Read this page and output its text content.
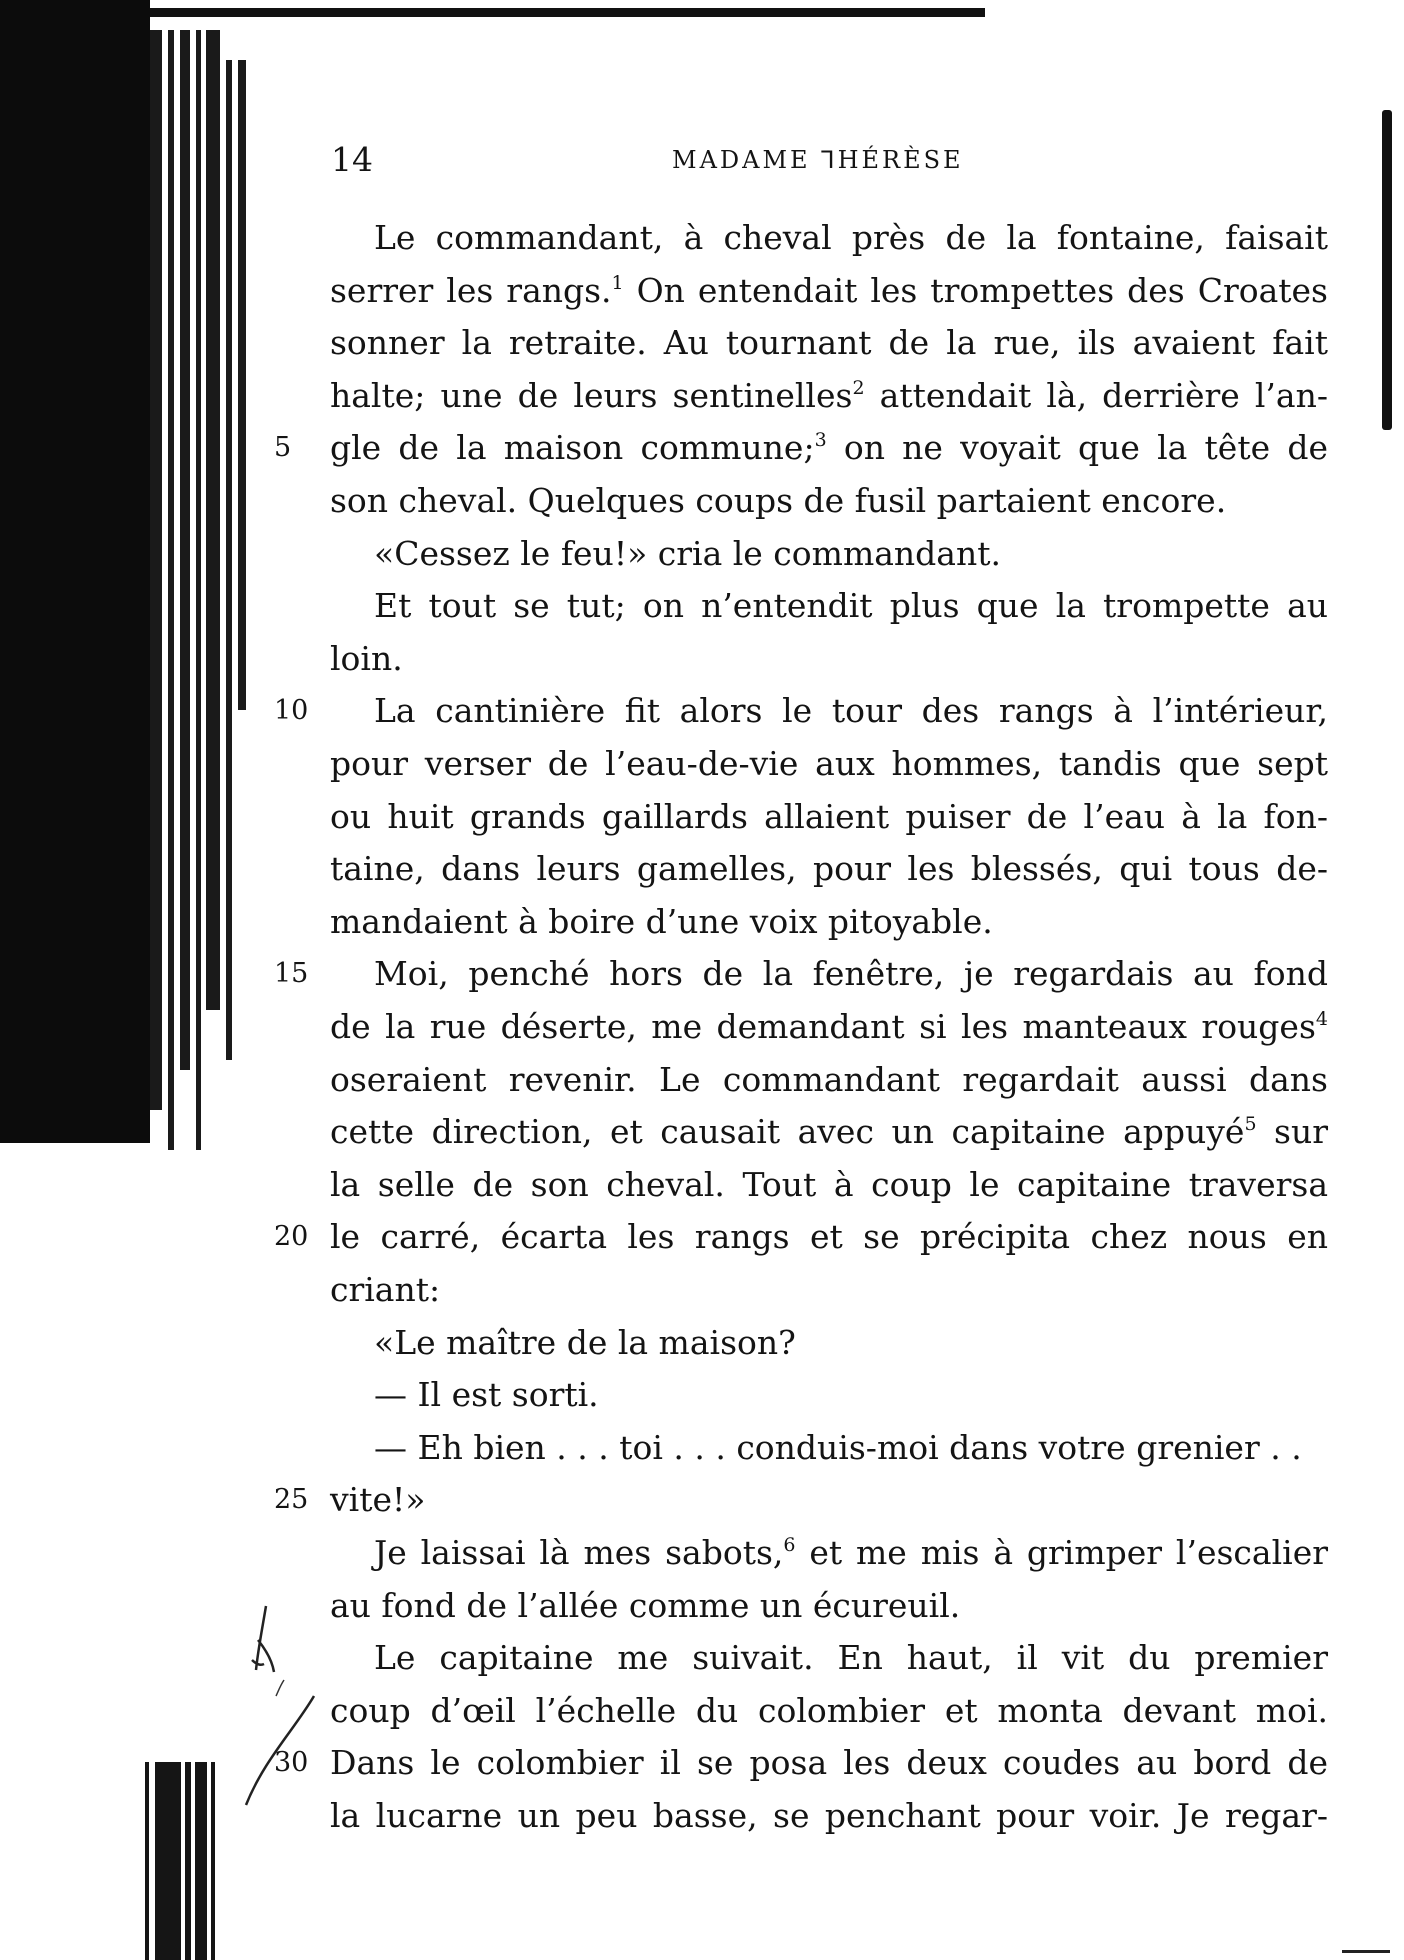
14	MADAME ⅂HÉRÈSE
Le commandant, à cheval près de la fontaine, faisait
serrer les rangs.$^1$ On entendait les trompettes des Croates
sonner la retraite. Au tournant de la rue, ils avaient fait
halte; une de leurs sentinelles$^2$ attendait là, derrière l’an-
5	gle de la maison commune;$^3$ on ne voyait que la tête de
son cheval. Quelques coups de fusil partaient encore.
«Cessez le feu!» cria le commandant.
Et tout se tut; on n’entendit plus que la trompette au
loin.
10 La cantinière fit alors le tour des rangs à l’intérieur,
pour verser de l’eau-de-vie aux hommes, tandis que sept
ou huit grands gaillards allaient puiser de l’eau à la fon-
taine, dans leurs gamelles, pour les blessés, qui tous de-
mandaient à boire d’une voix pitoyable.
15 Moi, penché hors de la fenêtre, je regardais au fond
de la rue déserte, me demandant si les manteaux rouges$^4$
oseraient revenir. Le commandant regardait aussi dans
cette direction, et causait avec un capitaine appuyé$^5$ sur
la selle de son cheval. Tout à coup le capitaine traversa
20 le carré, écarta les rangs et se précipita chez nous en
criant:
«Le maître de la maison?
— Il est sorti.
— Eh bien . . . toi . . . conduis-moi dans votre grenier . .
25 vite!»
Je laissai là mes sabots,$^6$ et me mis à grimper l’escalier
au fond de l’allée comme un écureuil.
Le capitaine me suivait. En haut, il vit du premier
coup d’œil l’échelle du colombier et monta devant moi.
30 Dans le colombier il se posa les deux coudes au bord de
la lucarne un peu basse, se penchant pour voir. Je regar-
